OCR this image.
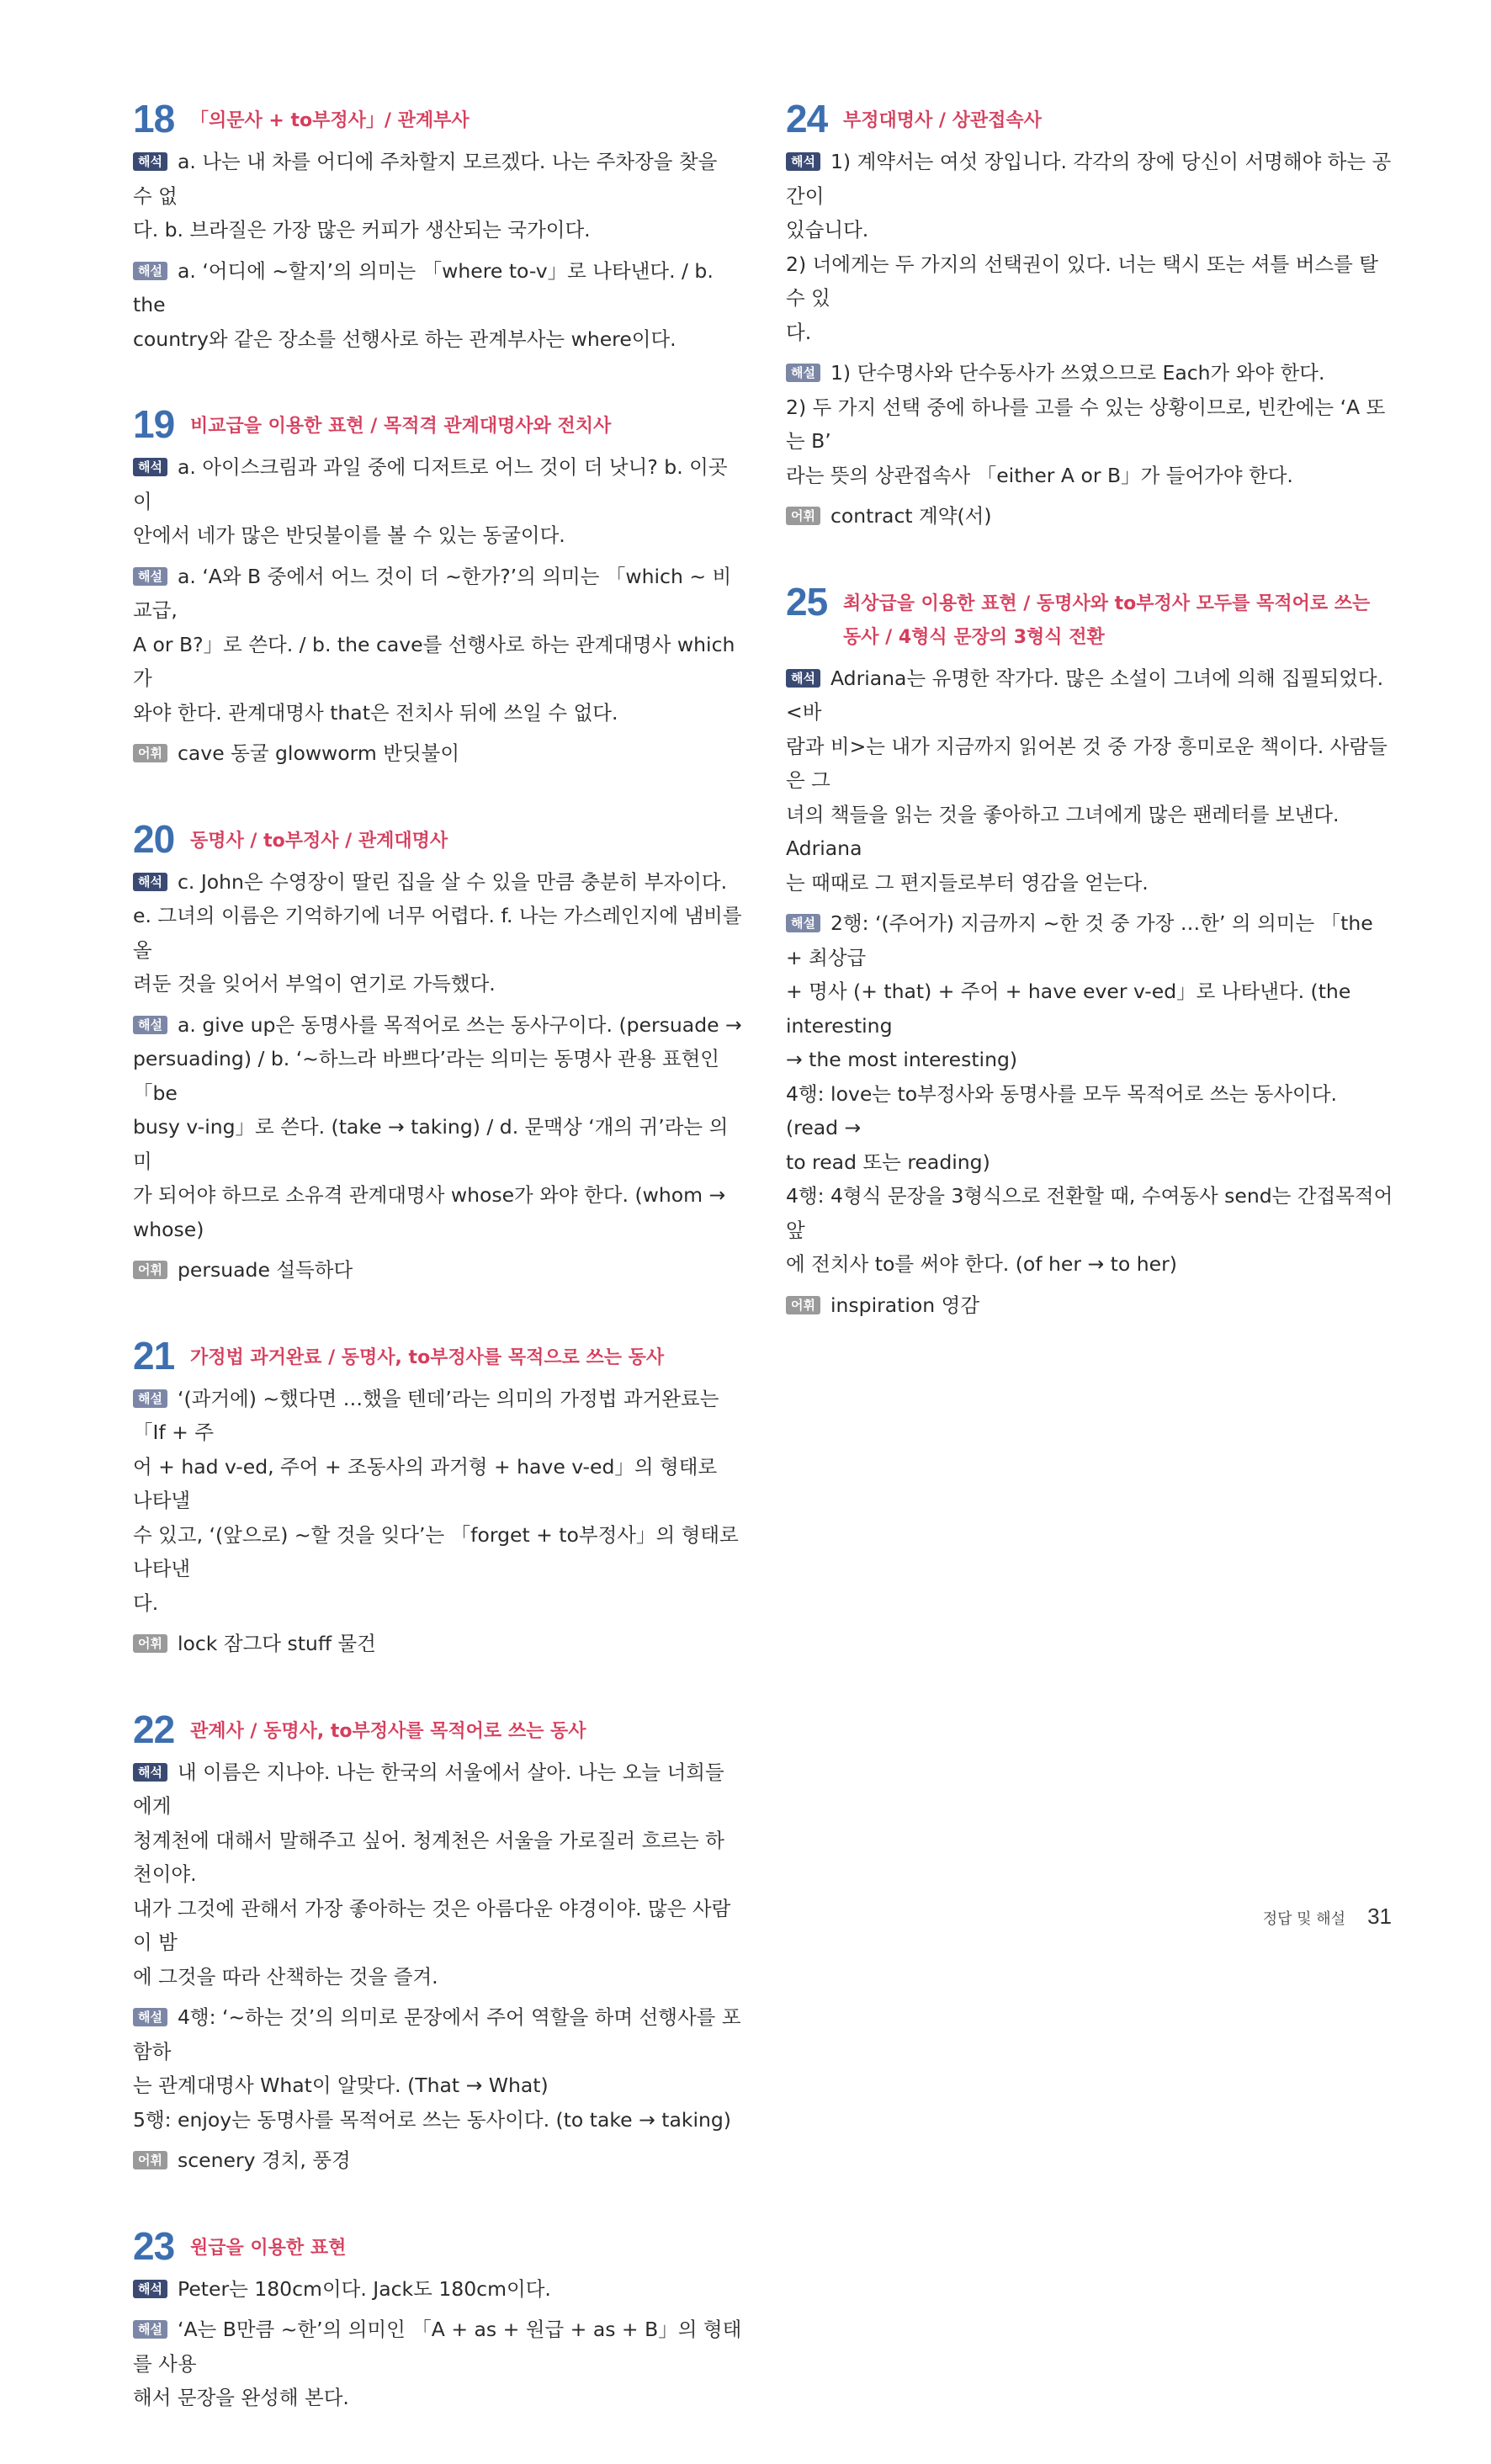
18 「의문사 + to부정사」/ 관계부사
해석 a. 나는 내 차를 어디에 주차할지 모르겠다. 나는 주차장을 찾을 수 없
다. b. 브라질은 가장 많은 커피가 생산되는 국가이다.
해설 a. ‘어디에 ~할지’의 의미는 「where to-v」로 나타낸다. / b. the
country와 같은 장소를 선행사로 하는 관계부사는 where이다.
19 비교급을 이용한 표현 / 목적격 관계대명사와 전치사
해석 a. 아이스크림과 과일 중에 디저트로 어느 것이 더 낫니? b. 이곳이
안에서 네가 많은 반딧불이를 볼 수 있는 동굴이다.
해설 a. ‘A와 B 중에서 어느 것이 더 ~한가?’의 의미는 「which ~ 비교급,
A or B?」로 쓴다. / b. the cave를 선행사로 하는 관계대명사 which가
와야 한다. 관계대명사 that은 전치사 뒤에 쓰일 수 없다.
어휘 cave 동굴 glowworm 반딧불이
20 동명사 / to부정사 / 관계대명사
해석 c. John은 수영장이 딸린 집을 살 수 있을 만큼 충분히 부자이다.
e. 그녀의 이름은 기억하기에 너무 어렵다. f. 나는 가스레인지에 냄비를 올
려둔 것을 잊어서 부엌이 연기로 가득했다.
해설 a. give up은 동명사를 목적어로 쓰는 동사구이다. (persuade →
persuading) / b. ‘~하느라 바쁘다’라는 의미는 동명사 관용 표현인 「be
busy v-ing」로 쓴다. (take → taking) / d. 문맥상 ‘개의 귀’라는 의미
가 되어야 하므로 소유격 관계대명사 whose가 와야 한다. (whom →
whose)
어휘 persuade 설득하다
21 가정법 과거완료 / 동명사, to부정사를 목적으로 쓰는 동사
해설 ‘(과거에) ~했다면 …했을 텐데’라는 의미의 가정법 과거완료는 「If + 주
어 + had v-ed, 주어 + 조동사의 과거형 + have v-ed」의 형태로 나타낼
수 있고, ‘(앞으로) ~할 것을 잊다’는 「forget + to부정사」의 형태로 나타낸
다.
어휘 lock 잠그다 stuff 물건
22 관계사 / 동명사, to부정사를 목적어로 쓰는 동사
해석 내 이름은 지나야. 나는 한국의 서울에서 살아. 나는 오늘 너희들에게
청계천에 대해서 말해주고 싶어. 청계천은 서울을 가로질러 흐르는 하천이야.
내가 그것에 관해서 가장 좋아하는 것은 아름다운 야경이야. 많은 사람이 밤
에 그것을 따라 산책하는 것을 즐겨.
해설 4행: ‘~하는 것’의 의미로 문장에서 주어 역할을 하며 선행사를 포함하
는 관계대명사 What이 알맞다. (That → What)
5행: enjoy는 동명사를 목적어로 쓰는 동사이다. (to take → taking)
어휘 scenery 경치, 풍경
23 원급을 이용한 표현
해석 Peter는 180cm이다. Jack도 180cm이다.
해설 ‘A는 B만큼 ~한’의 의미인 「A + as + 원급 + as + B」의 형태를 사용
해서 문장을 완성해 본다.
24 부정대명사 / 상관접속사
해석 1) 계약서는 여섯 장입니다. 각각의 장에 당신이 서명해야 하는 공간이
있습니다.
2) 너에게는 두 가지의 선택권이 있다. 너는 택시 또는 셔틀 버스를 탈 수 있
다.
해설 1) 단수명사와 단수동사가 쓰였으므로 Each가 와야 한다.
2) 두 가지 선택 중에 하나를 고를 수 있는 상황이므로, 빈칸에는 ‘A 또는 B’
라는 뜻의 상관접속사 「either A or B」가 들어가야 한다.
어휘 contract 계약(서)
25 최상급을 이용한 표현 / 동명사와 to부정사 모두를 목적어로 쓰는
동사 / 4형식 문장의 3형식 전환
해석 Adriana는 유명한 작가다. 많은 소설이 그녀에 의해 집필되었다. <바
람과 비>는 내가 지금까지 읽어본 것 중 가장 흥미로운 책이다. 사람들은 그
녀의 책들을 읽는 것을 좋아하고 그녀에게 많은 팬레터를 보낸다. Adriana
는 때때로 그 편지들로부터 영감을 얻는다.
해설 2행: ‘(주어가) 지금까지 ~한 것 중 가장 …한’ 의 의미는 「the + 최상급
+ 명사 (+ that) + 주어 + have ever v-ed」로 나타낸다. (the interesting
→ the most interesting)
4행: love는 to부정사와 동명사를 모두 목적어로 쓰는 동사이다. (read →
to read 또는 reading)
4행: 4형식 문장을 3형식으로 전환할 때, 수여동사 send는 간접목적어 앞
에 전치사 to를 써야 한다. (of her → to her)
어휘 inspiration 영감
정답 및 해설 31
